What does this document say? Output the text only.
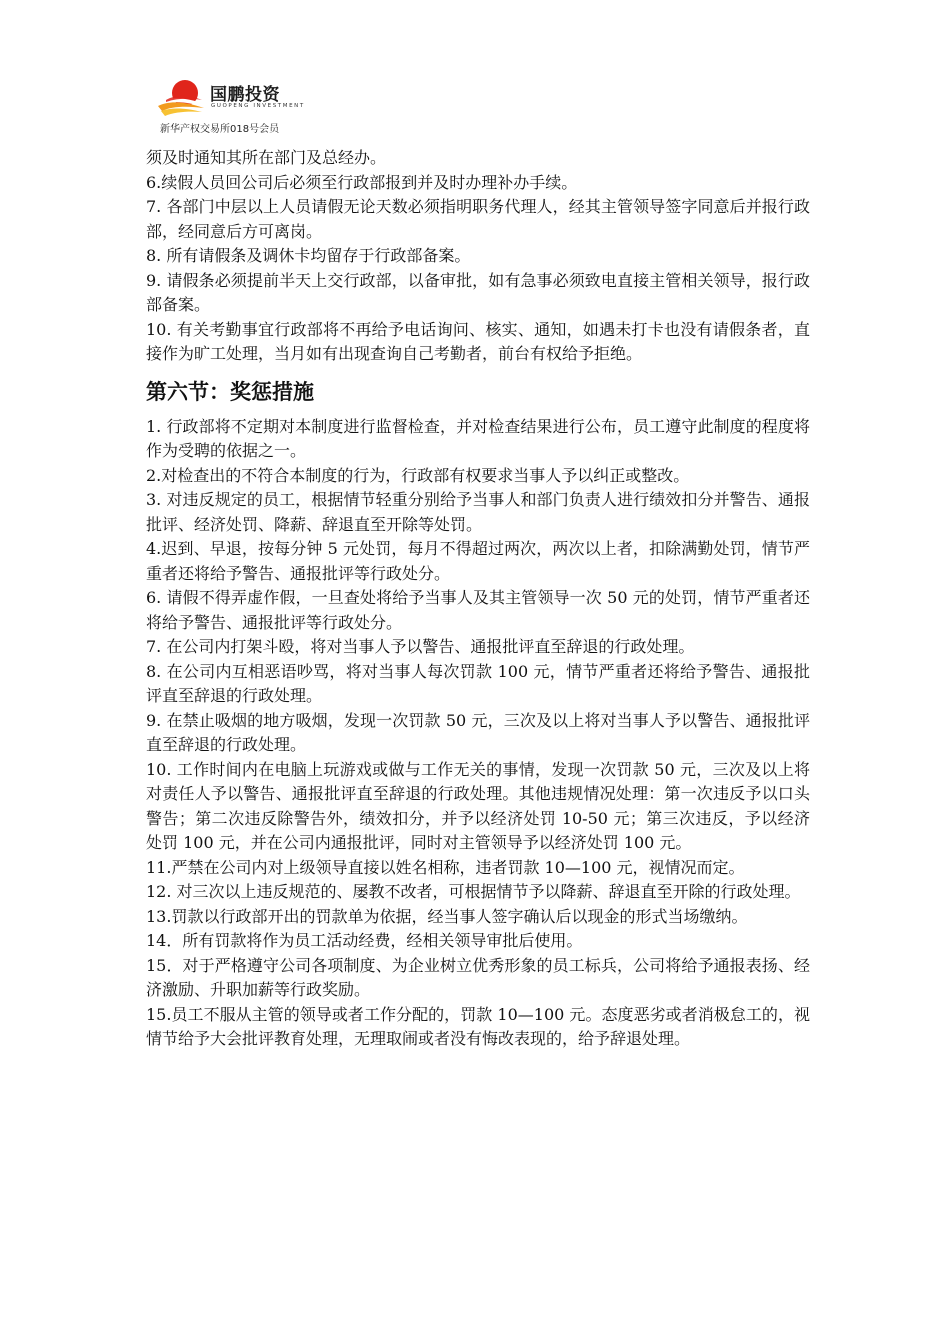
国鹏投资
GUOPENG INVESTMENT
新华产权交易所018号会员

须及时通知其所在部门及总经办。

6.续假人员回公司后必须至行政部报到并及时办理补办手续。

7. 各部门中层以上人员请假无论天数必须指明职务代理人，经其主管领导签字同意后并报行政部，经同意后方可离岗。

8. 所有请假条及调休卡均留存于行政部备案。

9. 请假条必须提前半天上交行政部，以备审批，如有急事必须致电直接主管相关领导，报行政部备案。

10. 有关考勤事宜行政部将不再给予电话询问、核实、通知，如遇未打卡也没有请假条者，直接作为旷工处理，当月如有出现查询自己考勤者，前台有权给予拒绝。

第六节：奖惩措施

1. 行政部将不定期对本制度进行监督检查，并对检查结果进行公布，员工遵守此制度的程度将作为受聘的依据之一。

2.对检查出的不符合本制度的行为，行政部有权要求当事人予以纠正或整改。

3. 对违反规定的员工，根据情节轻重分别给予当事人和部门负责人进行绩效扣分并警告、通报批评、经济处罚、降薪、辞退直至开除等处罚。

4.迟到、早退，按每分钟 5 元处罚，每月不得超过两次，两次以上者，扣除满勤处罚，情节严重者还将给予警告、通报批评等行政处分。

6. 请假不得弄虚作假，一旦查处将给予当事人及其主管领导一次 50 元的处罚，情节严重者还将给予警告、通报批评等行政处分。

7. 在公司内打架斗殴，将对当事人予以警告、通报批评直至辞退的行政处理。

8. 在公司内互相恶语吵骂，将对当事人每次罚款 100 元，情节严重者还将给予警告、通报批评直至辞退的行政处理。

9. 在禁止吸烟的地方吸烟，发现一次罚款 50 元，三次及以上将对当事人予以警告、通报批评直至辞退的行政处理。

10. 工作时间内在电脑上玩游戏或做与工作无关的事情，发现一次罚款 50 元，三次及以上将对责任人予以警告、通报批评直至辞退的行政处理。其他违规情况处理：第一次违反予以口头警告；第二次违反除警告外，绩效扣分，并予以经济处罚 10-50 元；第三次违反，予以经济处罚 100 元，并在公司内通报批评，同时对主管领导予以经济处罚 100 元。

11.严禁在公司内对上级领导直接以姓名相称，违者罚款 10—100 元，视情况而定。

12. 对三次以上违反规范的、屡教不改者，可根据情节予以降薪、辞退直至开除的行政处理。

13.罚款以行政部开出的罚款单为依据，经当事人签字确认后以现金的形式当场缴纳。

14．所有罚款将作为员工活动经费，经相关领导审批后使用。

15．对于严格遵守公司各项制度、为企业树立优秀形象的员工标兵，公司将给予通报表扬、经济激励、升职加薪等行政奖励。

15.员工不服从主管的领导或者工作分配的，罚款 10—100 元。态度恶劣或者消极怠工的，视情节给予大会批评教育处理，无理取闹或者没有悔改表现的，给予辞退处理。
